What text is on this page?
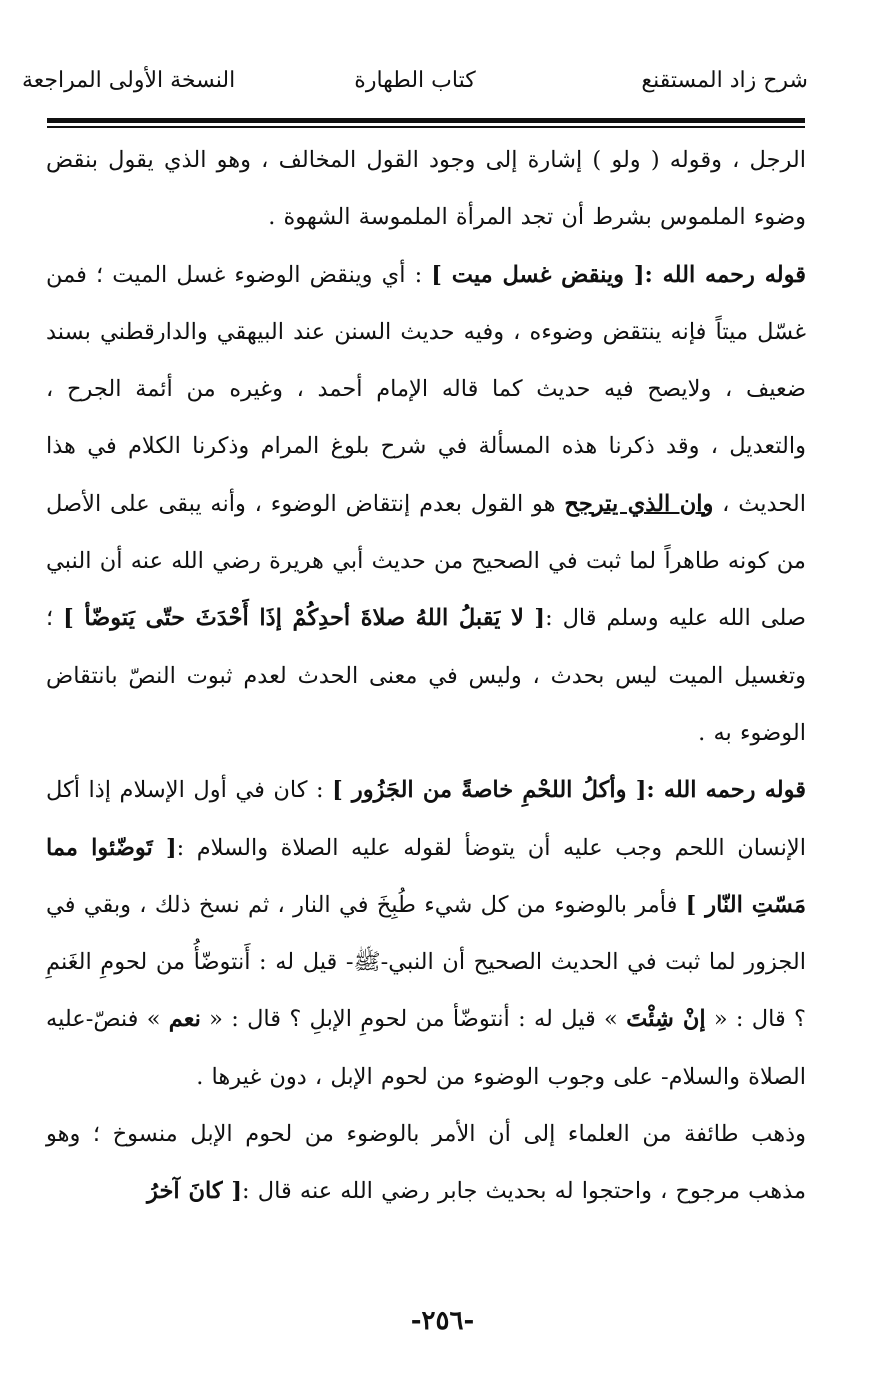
شرح زاد المستقنع
كتاب الطهارة
النسخة الأولى المراجعة

الرجل ، وقوله ( ولو ) إشارة إلى وجود القول المخالف ، وهو الذي يقول بنقض وضوء الملموس بشرط أن تجد المرأة الملموسة الشهوة .

قوله رحمه الله :[ وينقض غسل ميت ] : أي وينقض الوضوء غسل الميت ؛ فمن غسّل ميتاً فإنه ينتقض وضوءه ، وفيه حديث السنن عند البيهقي والدارقطني بسند ضعيف ، ولايصح فيه حديث كما قاله الإمام أحمد ، وغيره من أئمة الجرح ، والتعديل ، وقد ذكرنا هذه المسألة في شرح بلوغ المرام وذكرنا الكلام في هذا الحديث ، وان الذي يترجح هو القول بعدم إنتقاض الوضوء ، وأنه يبقى على الأصل من كونه طاهراً لما ثبت في الصحيح من حديث أبي هريرة رضي الله عنه أن النبي صلى الله عليه وسلم قال :[ لا يَقبلُ اللهُ صلاةَ أحدِكُمْ إذَا أَحْدَثَ حتّى يَتوضّأ ] ؛ وتغسيل الميت ليس بحدث ، وليس في معنى الحدث لعدم ثبوت النصّ بانتقاض الوضوء به .

قوله رحمه الله :[ وأكلُ اللحْمِ خاصةً من الجَزُور ] : كان في أول الإسلام إذا أكل الإنسان اللحم وجب عليه أن يتوضأ لقوله عليه الصلاة والسلام :[ تَوضّئوا مما مَسّتِ النّار ] فأمر بالوضوء من كل شيء طُبِخَ في النار ، ثم نسخ ذلك ، وبقي في الجزور لما ثبت في الحديث الصحيح أن النبي-ﷺ- قيل له : أَنتوضّأُ من لحومِ الغَنمِ ؟ قال : « إنْ شِئْتَ » قيل له : أنتوضّأ من لحومِ الإبلِ ؟ قال : « نعم » فنصّ-عليه الصلاة والسلام- على وجوب الوضوء من لحوم الإبل ، دون غيرها .

وذهب طائفة من العلماء إلى أن الأمر بالوضوء من لحوم الإبل منسوخ ؛ وهو مذهب مرجوح ، واحتجوا له بحديث جابر رضي الله عنه قال :[ كانَ آخرُ

-٢٥٦-
